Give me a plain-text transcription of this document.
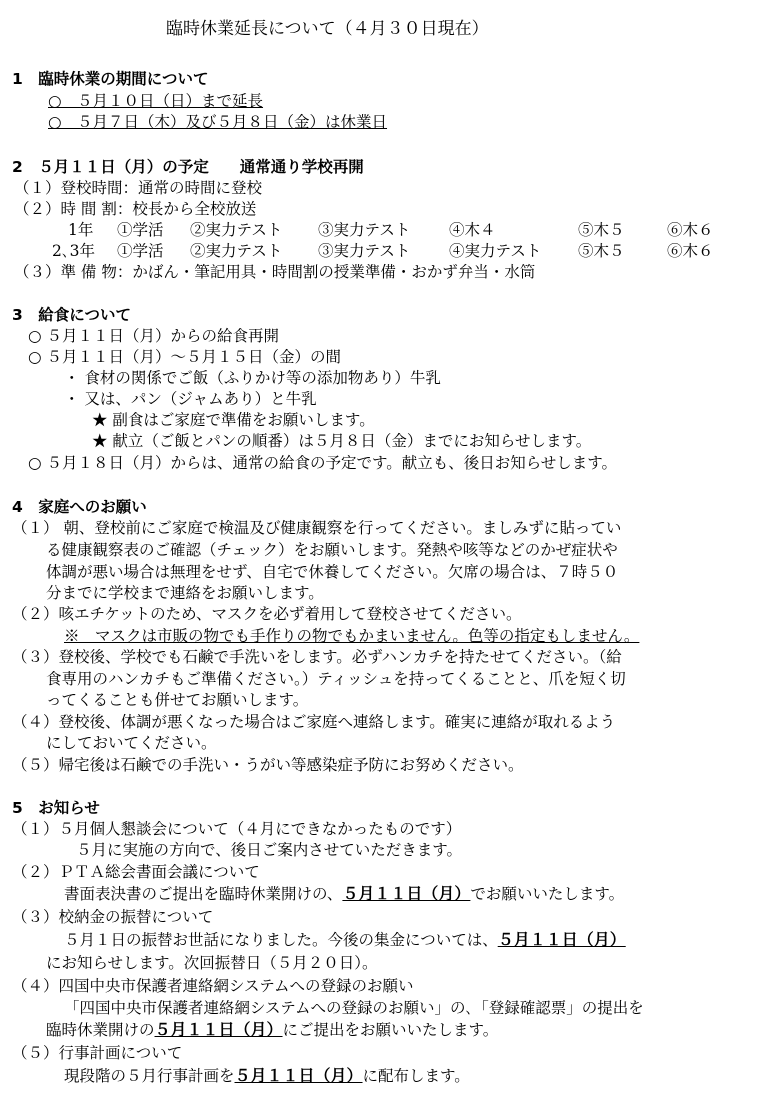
臨時休業延長について（４月３０日現在）
1　臨時休業の期間について
○　５月１０日（日）まで延長
○　５月７日（木）及び５月８日（金）は休業日
2　５月１１日（月）の予定　　通常通り学校再開
（１）登校時間：通常の時間に登校
（２）時 間 割：校長から全校放送
1年 ①学活 ②実力テスト ③実力テスト ④木４	⑤木５	⑥木６
2､3年 ①学活 ②実力テスト ③実力テスト ④実力テスト ⑤木５	⑥木６
（３）準 備 物：かばん・筆記用具・時間割の授業準備・おかず弁当・水筒
3　給食について
○ ５月１１日（月）からの給食再開
○ ５月１１日（月）～５月１５日（金）の間
・ 食材の関係でご飯（ふりかけ等の添加物あり）牛乳
・ 又は、パン（ジャムあり）と牛乳
★ 副食はご家庭で準備をお願いします。
★ 献立（ご飯とパンの順番）は５月８日（金）までにお知らせします。
○ ５月１８日（月）からは、通常の給食の予定です。献立も、後日お知らせします。
4　家庭へのお願い
（１） 朝、登校前にご家庭で検温及び健康観察を行ってください。ましみずに貼ってい
る健康観察表のご確認（チェック）をお願いします。発熱や咳等などのかぜ症状や
体調が悪い場合は無理をせず、自宅で休養してください。欠席の場合は、７時５０
分までに学校まで連絡をお願いします。
（２）咳エチケットのため、マスクを必ず着用して登校させてください。
※　マスクは市販の物でも手作りの物でもかまいません。色等の指定もしません。
（３）登校後、学校でも石鹸で手洗いをします。必ずハンカチを持たせてください。（給
食専用のハンカチもご準備ください。）ティッシュを持ってくることと、爪を短く切
ってくることも併せてお願いします。
（４）登校後、体調が悪くなった場合はご家庭へ連絡します。確実に連絡が取れるよう
にしておいてください。
（５）帰宅後は石鹸での手洗い・うがい等感染症予防にお努めください。
5　お知らせ
（１）５月個人懇談会について（４月にできなかったものです）
５月に実施の方向で、後日ご案内させていただきます。
（２）ＰＴＡ総会書面会議について
書面表決書のご提出を臨時休業開けの、５月１１日（月）でお願いいたします。
（３）校納金の振替について
５月１日の振替お世話になりました。今後の集金については、５月１１日（月）
にお知らせします。次回振替日（５月２０日）。
（４）四国中央市保護者連絡網システムへの登録のお願い
「四国中央市保護者連絡網システムへの登録のお願い」の､「登録確認票」の提出を
臨時休業開けの５月１１日（月）にご提出をお願いいたします。
（５）行事計画について
現段階の５月行事計画を５月１１日（月）に配布します。
